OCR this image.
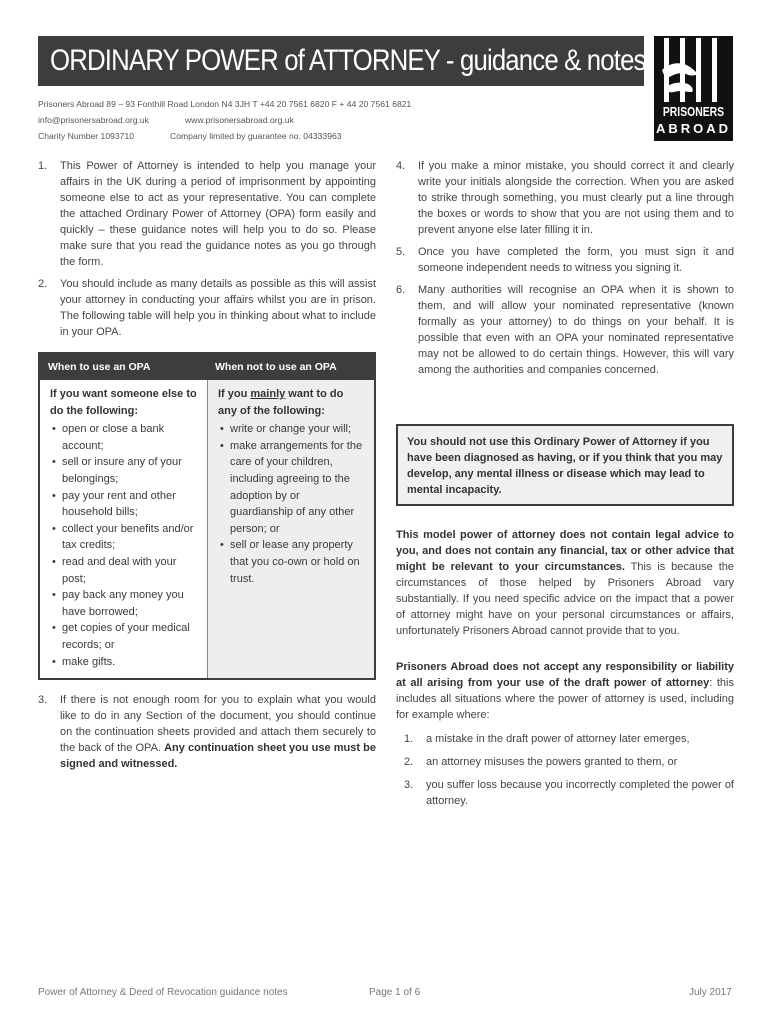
ORDINARY POWER of ATTORNEY - guidance & notes
PRISONERS
ABROAD
Prisoners Abroad 89 – 93 Fonthill Road London N4 3JH T +44 20 7561 6820 F + 44 20 7561 6821
info@prisonersabroad.org.uk	www.prisonersabroad.org.uk
Charity Number 1093710	Company limited by guarantee no. 04333963
1. This Power of Attorney is intended to help you manage your affairs in the UK during a period of imprisonment by appointing someone else to act as your representative. You can complete the attached Ordinary Power of Attorney (OPA) form easily and quickly – these guidance notes will help you to do so. Please make sure that you read the guidance notes as you go through the form.
2. You should include as many details as possible as this will assist your attorney in conducting your affairs whilst you are in prison. The following table will help you in thinking about what to include in your OPA.
When to use an OPA	When not to use an OPA
If you want someone else to do the following:
• open or close a bank account;
• sell or insure any of your belongings;
• pay your rent and other household bills;
• collect your benefits and/or tax credits;
• read and deal with your post;
• pay back any money you have borrowed;
• get copies of your medical records; or
• make gifts.
If you mainly want to do any of the following:
• write or change your will;
• make arrangements for the care of your children, including agreeing to the adoption by or guardianship of any other person; or
• sell or lease any property that you co-own or hold on trust.
3. If there is not enough room for you to explain what you would like to do in any Section of the document, you should continue on the continuation sheets provided and attach them securely to the back of the OPA. Any continuation sheet you use must be signed and witnessed.
4. If you make a minor mistake, you should correct it and clearly write your initials alongside the correction. When you are asked to strike through something, you must clearly put a line through the boxes or words to show that you are not using them and to prevent anyone else later filling it in.
5. Once you have completed the form, you must sign it and someone independent needs to witness you signing it.
6. Many authorities will recognise an OPA when it is shown to them, and will allow your nominated representative (known formally as your attorney) to do things on your behalf. It is possible that even with an OPA your nominated representative may not be allowed to do certain things. However, this will vary among the authorities and companies concerned.
You should not use this Ordinary Power of Attorney if you have been diagnosed as having, or if you think that you may develop, any mental illness or disease which may lead to mental incapacity.
This model power of attorney does not contain legal advice to you, and does not contain any financial, tax or other advice that might be relevant to your circumstances. This is because the circumstances of those helped by Prisoners Abroad vary substantially. If you need specific advice on the impact that a power of attorney might have on your personal circumstances or affairs, unfortunately Prisoners Abroad cannot provide that to you.
Prisoners Abroad does not accept any responsibility or liability at all arising from your use of the draft power of attorney: this includes all situations where the power of attorney is used, including for example where:
1. a mistake in the draft power of attorney later emerges,
2. an attorney misuses the powers granted to them, or
3. you suffer loss because you incorrectly completed the power of attorney.
Power of Attorney & Deed of Revocation guidance notes	Page 1 of 6	July 2017
